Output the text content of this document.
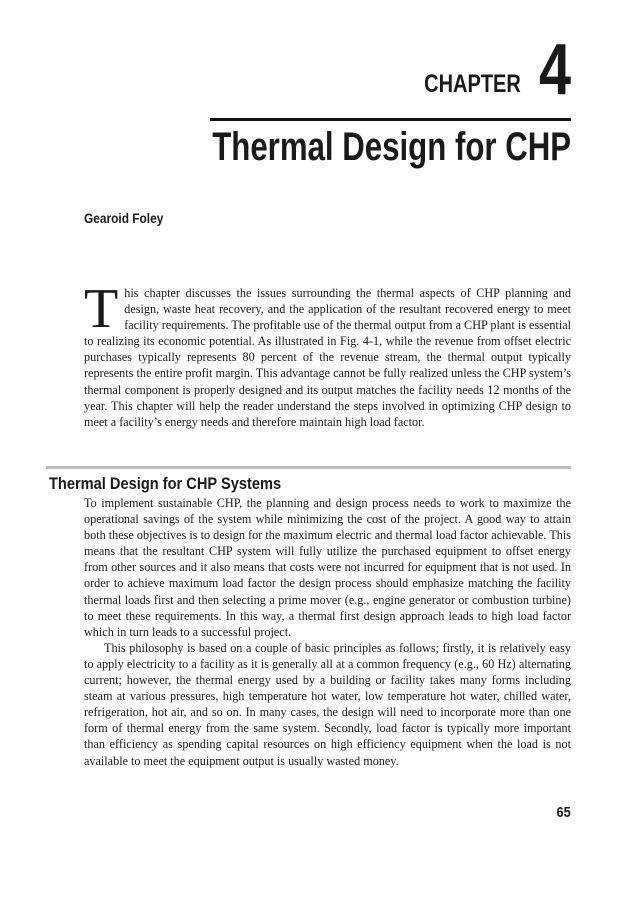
CHAPTER 4
Thermal Design for CHP
Gearoid Foley

This chapter discusses the issues surrounding the thermal aspects of CHP planning and design, waste heat recovery, and the application of the resultant recovered energy to meet facility requirements. The profitable use of the thermal output from a CHP plant is essential to realizing its economic potential. As illustrated in Fig. 4-1, while the revenue from offset electric purchases typically represents 80 percent of the revenue stream, the thermal output typically represents the entire profit margin. This advantage cannot be fully realized unless the CHP system’s thermal component is properly designed and its output matches the facility needs 12 months of the year. This chapter will help the reader understand the steps involved in optimizing CHP design to meet a facility’s energy needs and therefore maintain high load factor.

Thermal Design for CHP Systems

To implement sustainable CHP, the planning and design process needs to work to maximize the operational savings of the system while minimizing the cost of the project. A good way to attain both these objectives is to design for the maximum electric and thermal load factor achievable. This means that the resultant CHP system will fully utilize the purchased equipment to offset energy from other sources and it also means that costs were not incurred for equipment that is not used. In order to achieve maximum load factor the design process should emphasize matching the facility thermal loads first and then selecting a prime mover (e.g., engine generator or combustion turbine) to meet these requirements. In this way, a thermal first design approach leads to high load factor which in turn leads to a successful project.

This philosophy is based on a couple of basic principles as follows; firstly, it is relatively easy to apply electricity to a facility as it is generally all at a common frequency (e.g., 60 Hz) alternating current; however, the thermal energy used by a building or facility takes many forms including steam at various pressures, high temperature hot water, low temperature hot water, chilled water, refrigeration, hot air, and so on. In many cases, the design will need to incorporate more than one form of thermal energy from the same system. Secondly, load factor is typically more important than efficiency as spending capital resources on high efficiency equipment when the load is not available to meet the equipment output is usually wasted money.

65
